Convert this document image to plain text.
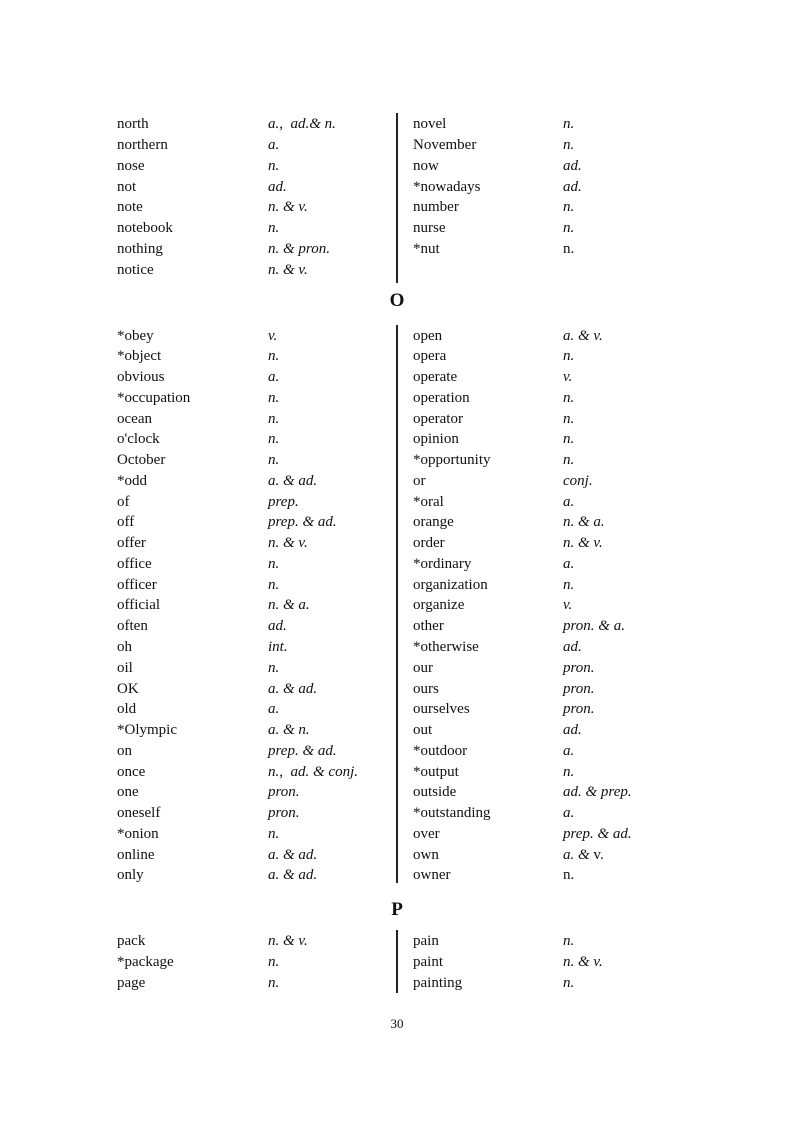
north	a.,  ad.& n.
northern	a.
nose	n.
not	ad.
note	n. & v.
notebook	n.
nothing	n. & pron.
notice	n. & v.
novel	n.
November	n.
now	ad.
*nowadays	ad.
number	n.
nurse	n.
*nut	n.
O
*obey	v.
*object	n.
obvious	a.
*occupation	n.
ocean	n.
o'clock	n.
October	n.
*odd	a. & ad.
of	prep.
off	prep. & ad.
offer	n. & v.
office	n.
officer	n.
official	n. & a.
often	ad.
oh	int.
oil	n.
OK	a. & ad.
old	a.
*Olympic	a. & n.
on	prep. & ad.
once	n.,  ad. & conj.
one	pron.
oneself	pron.
*onion	n.
online	a. & ad.
only	a. & ad.
open	a. & v.
opera	n.
operate	v.
operation	n.
operator	n.
opinion	n.
*opportunity	n.
or	conj.
*oral	a.
orange	n. & a.
order	n. & v.
*ordinary	a.
organization	n.
organize	v.
other	pron. & a.
*otherwise	ad.
our	pron.
ours	pron.
ourselves	pron.
out	ad.
*outdoor	a.
*output	n.
outside	ad. & prep.
*outstanding	a.
over	prep. & ad.
own	a. & v.
owner	n.
P
pack	n. & v.
*package	n.
page	n.
pain	n.
paint	n. & v.
painting	n.
30
